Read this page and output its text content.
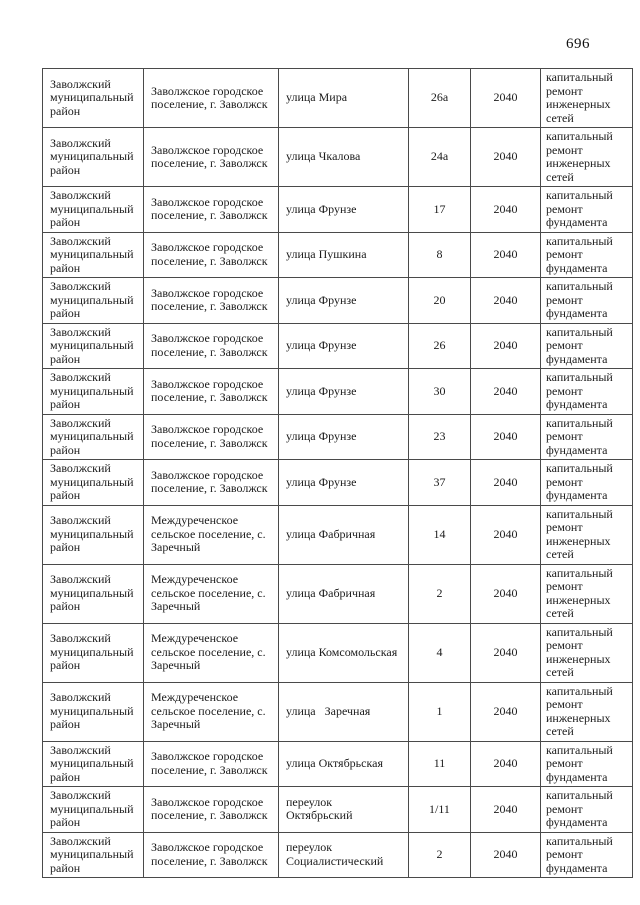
696
Заволжский муниципальный район	Заволжское городское поселение, г. Заволжск	улица Мира	26а	2040	капитальный ремонт инженерных сетей
Заволжский муниципальный район	Заволжское городское поселение, г. Заволжск	улица Чкалова	24а	2040	капитальный ремонт инженерных сетей
Заволжский муниципальный район	Заволжское городское поселение, г. Заволжск	улица Фрунзе	17	2040	капитальный ремонт фундамента
Заволжский муниципальный район	Заволжское городское поселение, г. Заволжск	улица Пушкина	8	2040	капитальный ремонт фундамента
Заволжский муниципальный район	Заволжское городское поселение, г. Заволжск	улица Фрунзе	20	2040	капитальный ремонт фундамента
Заволжский муниципальный район	Заволжское городское поселение, г. Заволжск	улица Фрунзе	26	2040	капитальный ремонт фундамента
Заволжский муниципальный район	Заволжское городское поселение, г. Заволжск	улица Фрунзе	30	2040	капитальный ремонт фундамента
Заволжский муниципальный район	Заволжское городское поселение, г. Заволжск	улица Фрунзе	23	2040	капитальный ремонт фундамента
Заволжский муниципальный район	Заволжское городское поселение, г. Заволжск	улица Фрунзе	37	2040	капитальный ремонт фундамента
Заволжский муниципальный район	Междуреченское сельское поселение, с. Заречный	улица Фабричная	14	2040	капитальный ремонт инженерных сетей
Заволжский муниципальный район	Междуреченское сельское поселение, с. Заречный	улица Фабричная	2	2040	капитальный ремонт инженерных сетей
Заволжский муниципальный район	Междуреченское сельское поселение, с. Заречный	улица Комсомольская	4	2040	капитальный ремонт инженерных сетей
Заволжский муниципальный район	Междуреченское сельское поселение, с. Заречный	улица   Заречная	1	2040	капитальный ремонт инженерных сетей
Заволжский муниципальный район	Заволжское городское поселение, г. Заволжск	улица Октябрьская	11	2040	капитальный ремонт фундамента
Заволжский муниципальный район	Заволжское городское поселение, г. Заволжск	переулок  Октябрьский	1/11	2040	капитальный ремонт фундамента
Заволжский муниципальный район	Заволжское городское поселение, г. Заволжск	переулок Социалистический	2	2040	капитальный ремонт фундамента
